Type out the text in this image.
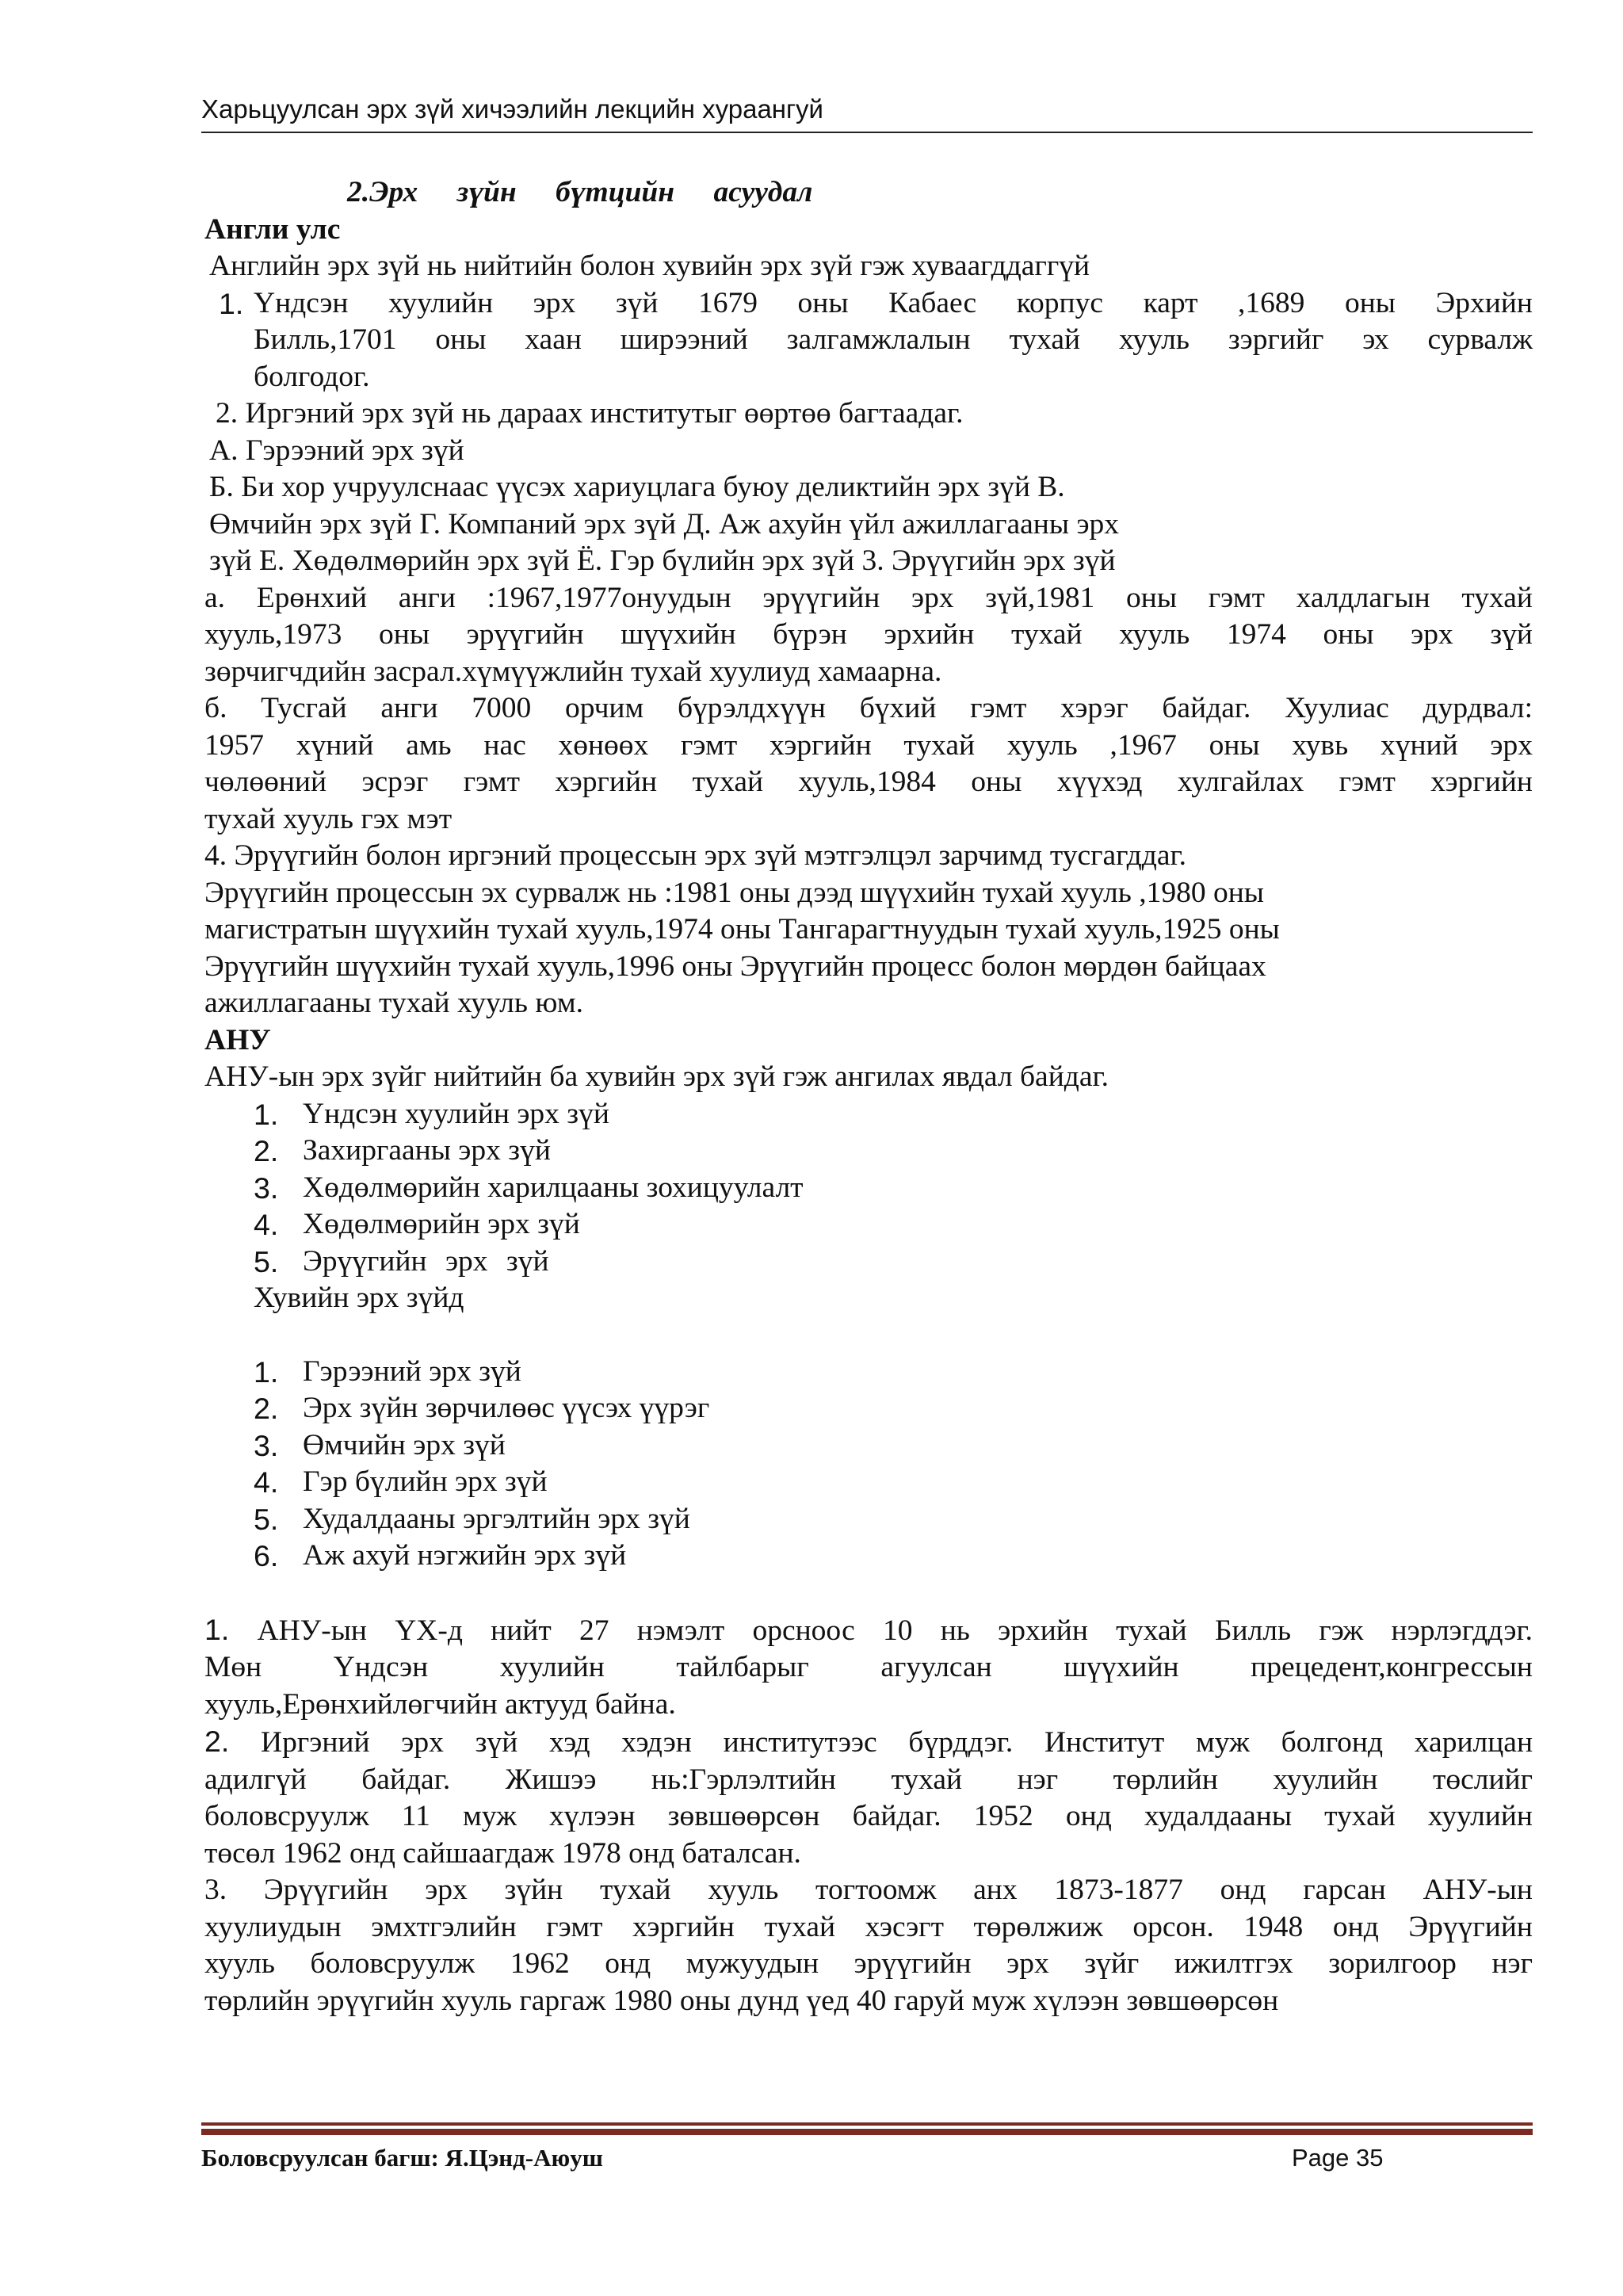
Харьцуулсан эрх зүй хичээлийн лекцийн хураангуй

2.Эрх зүйн бүтцийн асуудал

Англи улс

Английн эрх зүй нь нийтийн болон хувийн эрх зүй гэж хуваагддаггүй

1. Үндсэн хуулийн эрх зүй 1679 оны Кабаес корпус карт ,1689 оны Эрхийн

Билль,1701 оны хаан ширээний залгамжлалын тухай хууль зэргийг эх сурвалж

болгодог.

2. Иргэний эрх зүй нь дараах институтыг өөртөө багтаадаг.

А. Гэрээний эрх зүй

Б. Би хор учруулснаас үүсэх хариуцлага буюу деликтийн эрх зүй В.

Өмчийн эрх зүй Г. Компаний эрх зүй Д. Аж ахуйн үйл ажиллагааны эрх

зүй Е. Хөдөлмөрийн эрх зүй Ё. Гэр бүлийн эрх зүй 3. Эрүүгийн эрх зүй

а. Ерөнхий анги :1967,1977онуудын эрүүгийн эрх зүй,1981 оны гэмт халдлагын тухай

хууль,1973 оны эрүүгийн шүүхийн бүрэн эрхийн тухай хууль 1974 оны эрх зүй

зөрчигчдийн засрал.хүмүүжлийн тухай хуулиуд хамаарна.

б. Тусгай анги 7000 орчим бүрэлдхүүн бүхий гэмт хэрэг байдаг. Хуулиас дурдвал:

1957 хүний амь нас хөнөөх гэмт хэргийн тухай хууль ,1967 оны хувь хүний эрх

чөлөөний эсрэг гэмт хэргийн тухай хууль,1984 оны хүүхэд хулгайлах гэмт хэргийн

тухай хууль гэх мэт

4. Эрүүгийн болон иргэний процессын эрх зүй мэтгэлцэл зарчимд тусгагддаг.

Эрүүгийн процессын эх сурвалж нь :1981 оны дээд шүүхийн тухай хууль ,1980 оны

магистратын шүүхийн тухай хууль,1974 оны Тангарагтнуудын тухай хууль,1925 оны

Эрүүгийн шүүхийн тухай хууль,1996 оны Эрүүгийн процесс болон мөрдөн байцаах

ажиллагааны тухай хууль юм.

АНУ

АНУ-ын эрх зүйг нийтийн ба хувийн эрх зүй гэж ангилах явдал байдаг.

1. Үндсэн хуулийн эрх зүй
2. Захиргааны эрх зүй
3. Хөдөлмөрийн харилцааны зохицуулалт
4. Хөдөлмөрийн эрх зүй
5. Эрүүгийн эрх зүй

Хувийн эрх зүйд

1. Гэрээний эрх зүй
2. Эрх зүйн зөрчилөөс үүсэх үүрэг
3. Өмчийн эрх зүй
4. Гэр бүлийн эрх зүй
5. Худалдааны эргэлтийн эрх зүй
6. Аж ахуй нэгжийн эрх зүй

1. АНУ-ын ҮХ-д нийт 27 нэмэлт орсноос 10 нь эрхийн тухай Билль гэж нэрлэгддэг.

Мөн Үндсэн хуулийн тайлбарыг агуулсан шүүхийн прецедент,конгрессын

хууль,Ерөнхийлөгчийн актууд байна.

2. Иргэний эрх зүй хэд хэдэн институтээс бүрддэг. Институт муж болгонд харилцан

адилгүй байдаг. Жишээ нь:Гэрлэлтийн тухай нэг төрлийн хуулийн төслийг

боловсруулж 11 муж хүлээн зөвшөөрсөн байдаг. 1952 онд худалдааны тухай хуулийн

төсөл 1962 онд сайшаагдаж 1978 онд баталсан.

3. Эрүүгийн эрх зүйн тухай хууль тогтоомж анх 1873-1877 онд гарсан АНУ-ын

хуулиудын эмхтгэлийн гэмт хэргийн тухай хэсэгт төрөлжиж орсон. 1948 онд Эрүүгийн

хууль боловсруулж 1962 онд мужуудын эрүүгийн эрх зүйг ижилтгэх зорилгоор нэг

төрлийн эрүүгийн хууль гаргаж 1980 оны дунд үед 40 гаруй муж хүлээн зөвшөөрсөн

Боловсруулсан багш: Я.Цэнд-Аюуш	Page 35
